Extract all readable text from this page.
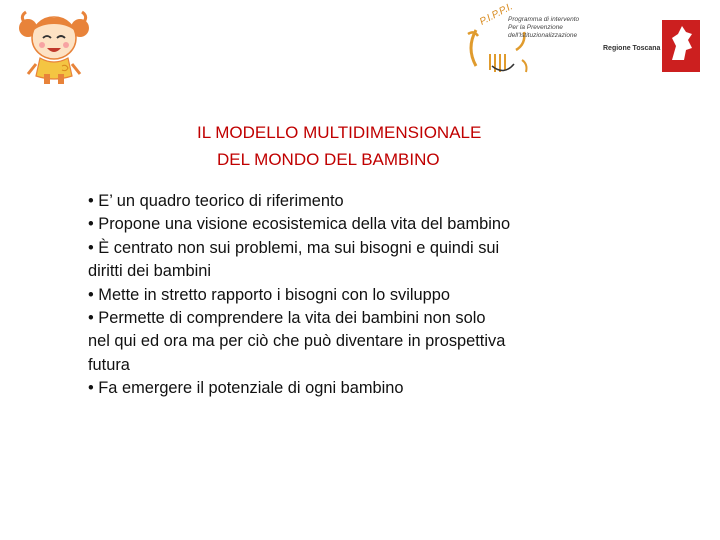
P.I.P.P.I.
Programma di intervento
Per la Prevenzione
dell'Istituzionalizzazione
Regione Toscana
IL MODELLO MULTIDIMENSIONALE
DEL MONDO DEL BAMBINO
• E’ un quadro teorico di riferimento
• Propone una visione ecosistemica della vita del bambino
• È centrato non sui problemi, ma sui bisogni e quindi sui
diritti dei bambini
• Mette in stretto rapporto i bisogni con lo sviluppo
• Permette di comprendere la vita dei bambini non solo
nel qui ed ora ma per ciò che può diventare in prospettiva
futura
• Fa emergere il potenziale di ogni bambino
